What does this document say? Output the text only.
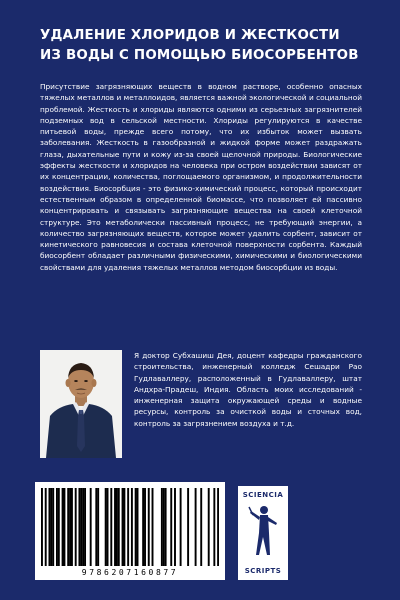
УДАЛЕНИЕ ХЛОРИДОВ И ЖЕСТКОСТИ
ИЗ ВОДЫ С ПОМОЩЬЮ БИОСОРБЕНТОВ

Присутствие загрязняющих веществ в водном растворе, особенно опасных тяжелых металлов и металлоидов, является важной экологической и социальной проблемой. Жесткость и хлориды являются одними из серьезных загрязнителей подземных вод в сельской местности. Хлориды регулируются в качестве питьевой воды, прежде всего потому, что их избыток может вызвать заболевания. Жесткость в газообразной и жидкой форме может раздражать глаза, дыхательные пути и кожу из-за своей щелочной природы. Биологические эффекты жесткости и хлоридов на человека при остром воздействии зависят от их концентрации, количества, поглощаемого организмом, и продолжительности воздействия. Биосорбция - это физико-химический процесс, который происходит естественным образом в определенной биомассе, что позволяет ей пассивно концентрировать и связывать загрязняющие вещества на своей клеточной структуре. Это метаболически пассивный процесс, не требующий энергии, а количество загрязняющих веществ, которое может удалить сорбент, зависит от кинетического равновесия и состава клеточной поверхности сорбента. Каждый биосорбент обладает различными физическими, химическими и биологическими свойствами для удаления тяжелых металлов методом биосорбции из воды.

Я доктор Субхашиш Дея, доцент кафедры гражданского строительства, инженерный колледж Сешадри Рао Гудлаваллеру, расположенный в Гудлаваллеру, штат Андхра-Прадеш, Индия. Область моих исследований - инженерная защита окружающей среды и водные ресурсы, контроль за очисткой воды и сточных вод, контроль за загрязнением воздуха и т.д.

9786207160877
SCIENCIA
SCRIPTS
